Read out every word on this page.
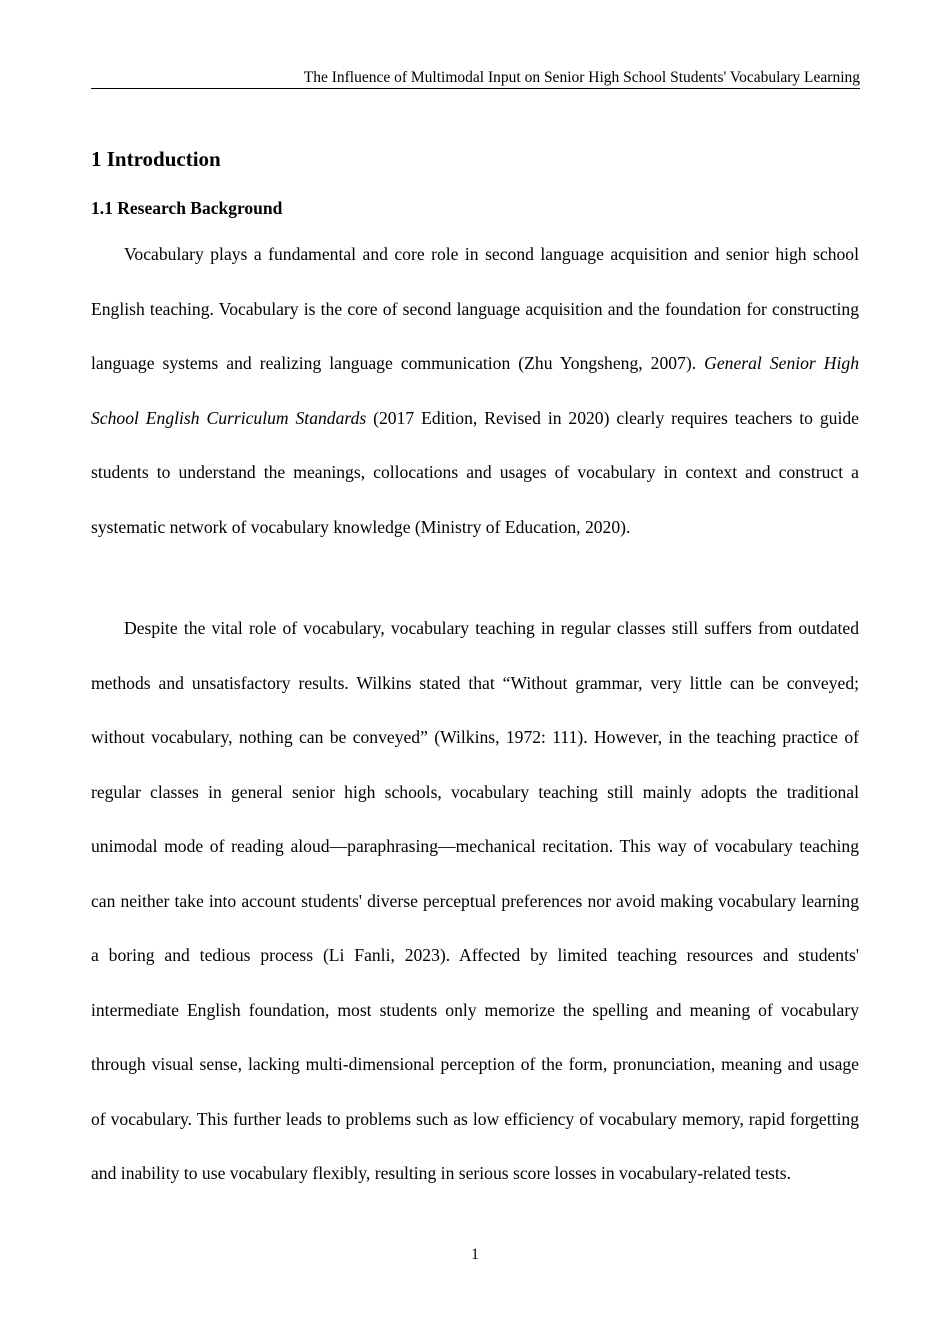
The Influence of Multimodal Input on Senior High School Students' Vocabulary Learning
1 Introduction
1.1 Research Background

Vocabulary plays a fundamental and core role in second language acquisition and senior high school English teaching. Vocabulary is the core of second language acquisition and the foundation for constructing language systems and realizing language communication (Zhu Yongsheng, 2007). General Senior High School English Curriculum Standards (2017 Edition, Revised in 2020) clearly requires teachers to guide students to understand the meanings, collocations and usages of vocabulary in context and construct a systematic network of vocabulary knowledge (Ministry of Education, 2020).

Despite the vital role of vocabulary, vocabulary teaching in regular classes still suffers from outdated methods and unsatisfactory results. Wilkins stated that “Without grammar, very little can be conveyed; without vocabulary, nothing can be conveyed” (Wilkins, 1972: 111). However, in the teaching practice of regular classes in general senior high schools, vocabulary teaching still mainly adopts the traditional unimodal mode of reading aloud—paraphrasing—mechanical recitation. This way of vocabulary teaching can neither take into account students' diverse perceptual preferences nor avoid making vocabulary learning a boring and tedious process (Li Fanli, 2023). Affected by limited teaching resources and students' intermediate English foundation, most students only memorize the spelling and meaning of vocabulary through visual sense, lacking multi-dimensional perception of the form, pronunciation, meaning and usage of vocabulary. This further leads to problems such as low efficiency of vocabulary memory, rapid forgetting and inability to use vocabulary flexibly, resulting in serious score losses in vocabulary-related tests.

1
